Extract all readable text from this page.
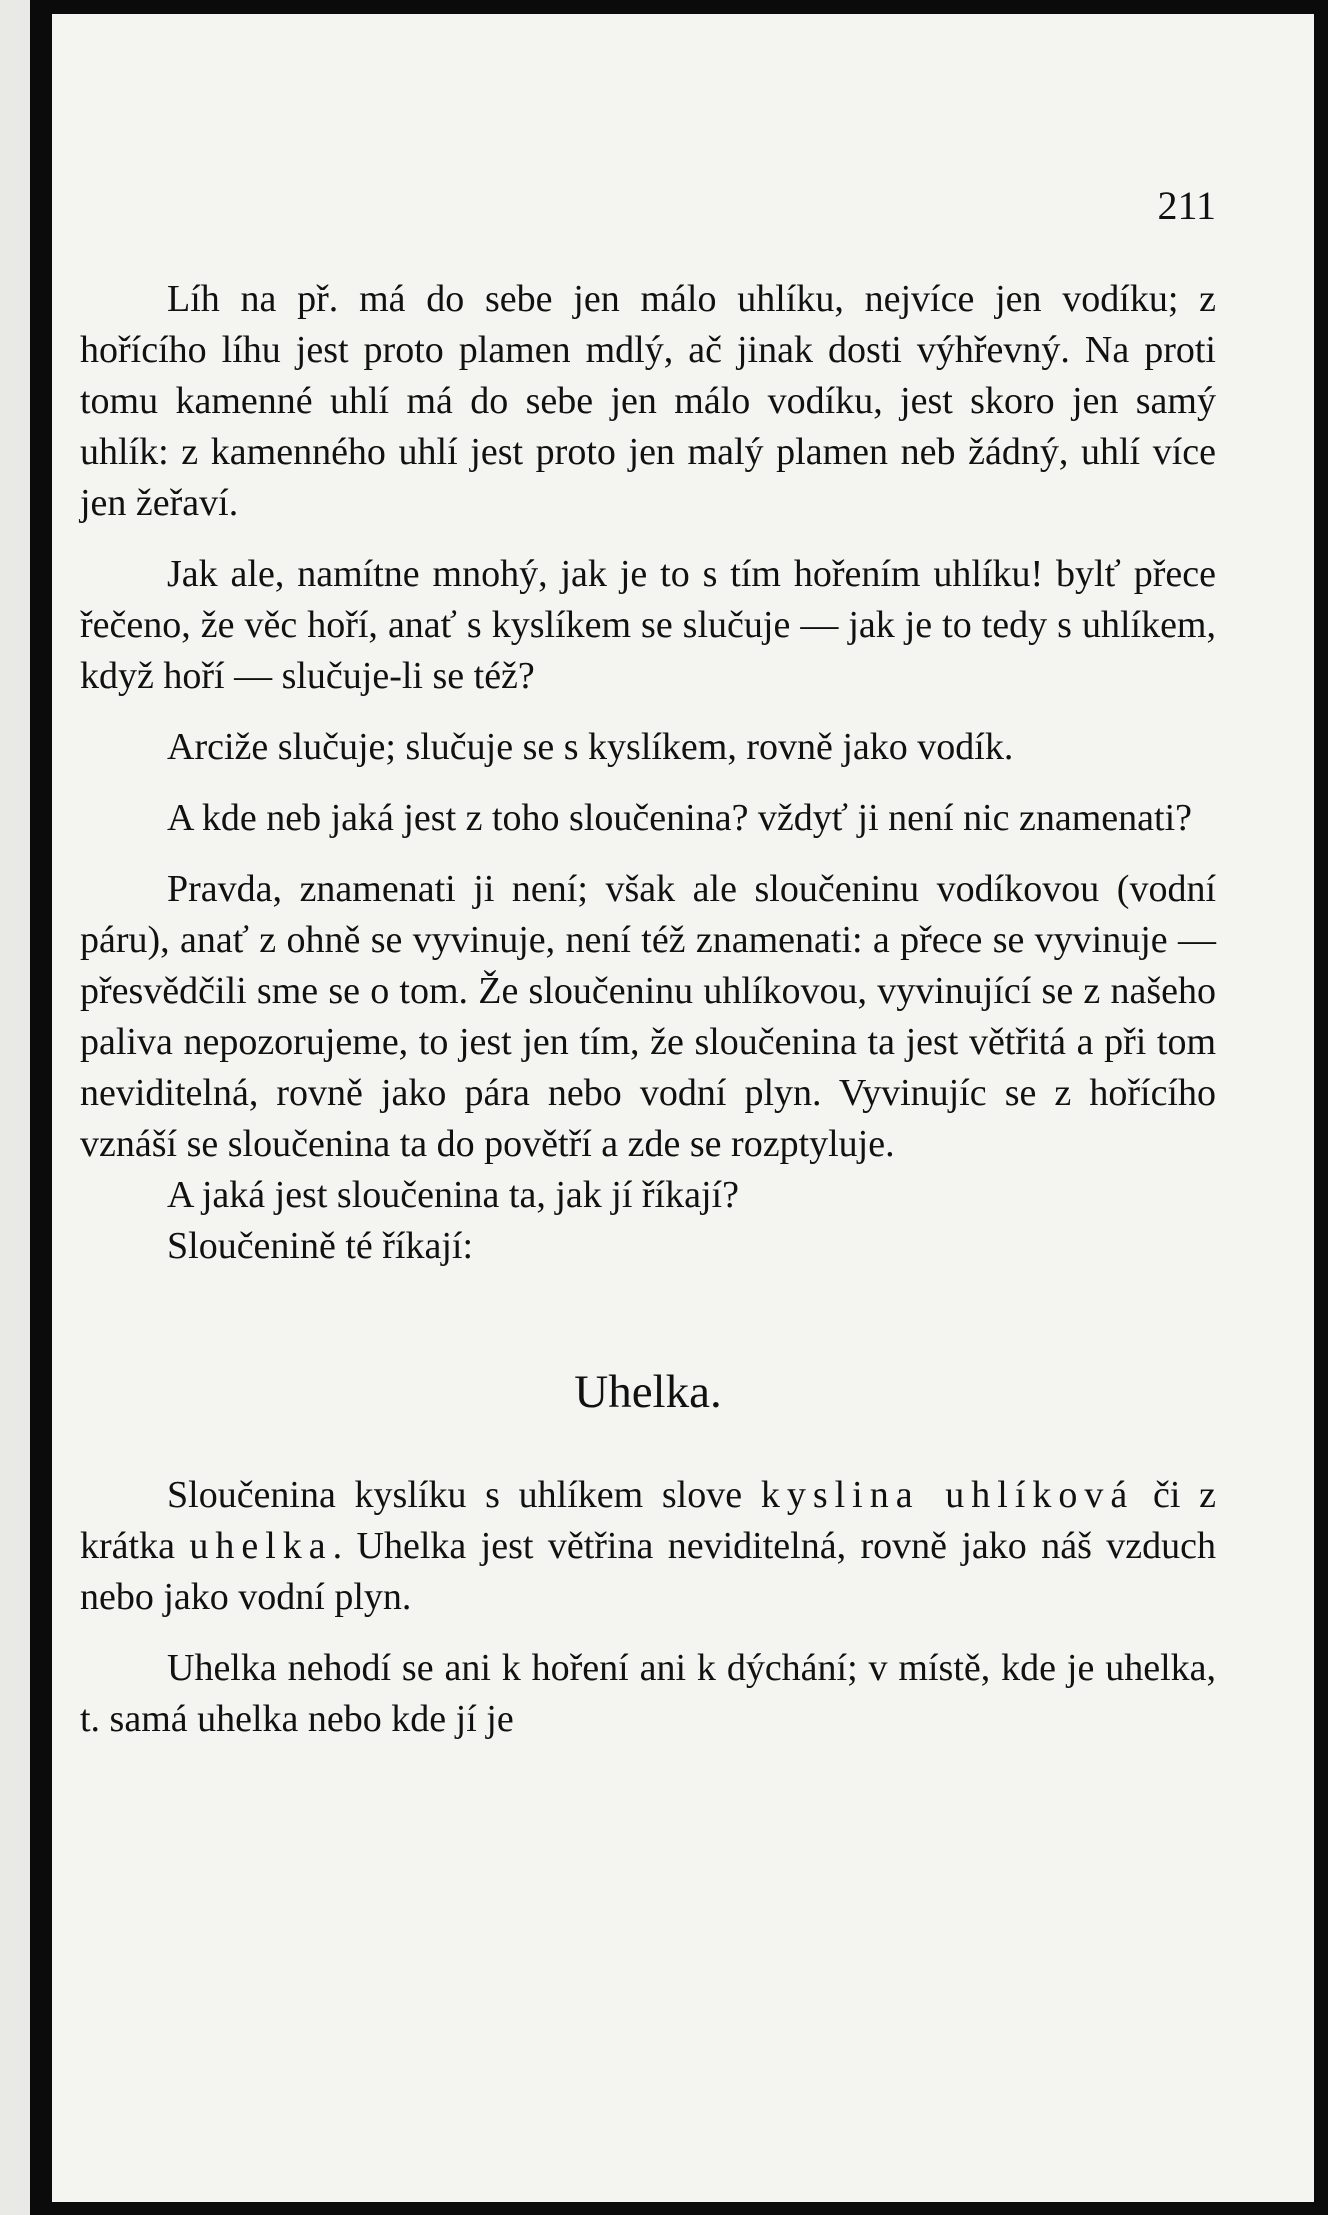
211

Líh na př. má do sebe jen málo uhlíku, nejvíce jen vodíku; z hořícího líhu jest proto plamen mdlý, ač jinak dosti výhřevný. Na proti tomu kamenné uhlí má do sebe jen málo vodíku, jest skoro jen samý uhlík: z kamenného uhlí jest proto jen malý plamen neb žádný, uhlí více jen žeřaví.

Jak ale, namítne mnohý, jak je to s tím hořením uhlíku! bylť přece řečeno, že věc hoří, anať s kyslíkem se slučuje — jak je to tedy s uhlíkem, když hoří — slučuje-li se též?

Arciže slučuje; slučuje se s kyslíkem, rovně jako vodík.

A kde neb jaká jest z toho sloučenina? vždyť ji není nic znamenati?

Pravda, znamenati ji není; však ale sloučeninu vodíkovou (vodní páru), anať z ohně se vyvinuje, není též znamenati: a přece se vyvinuje — přesvědčili sme se o tom. Že sloučeninu uhlíkovou, vyvinující se z našeho paliva nepozorujeme, to jest jen tím, že sloučenina ta jest větřitá a při tom neviditelná, rovně jako pára nebo vodní plyn. Vyvinujíc se z hořícího vznáší se sloučenina ta do povětří a zde se rozptyluje.

A jaká jest sloučenina ta, jak jí říkají?

Sloučenině té říkají:

Uhelka.

Sloučenina kyslíku s uhlíkem slove kyslina uhlíková či z krátka uhelka. Uhelka jest větřina neviditelná, rovně jako náš vzduch nebo jako vodní plyn.

Uhelka nehodí se ani k hoření ani k dýchání; v místě, kde je uhelka, t. samá uhelka nebo kde jí je
